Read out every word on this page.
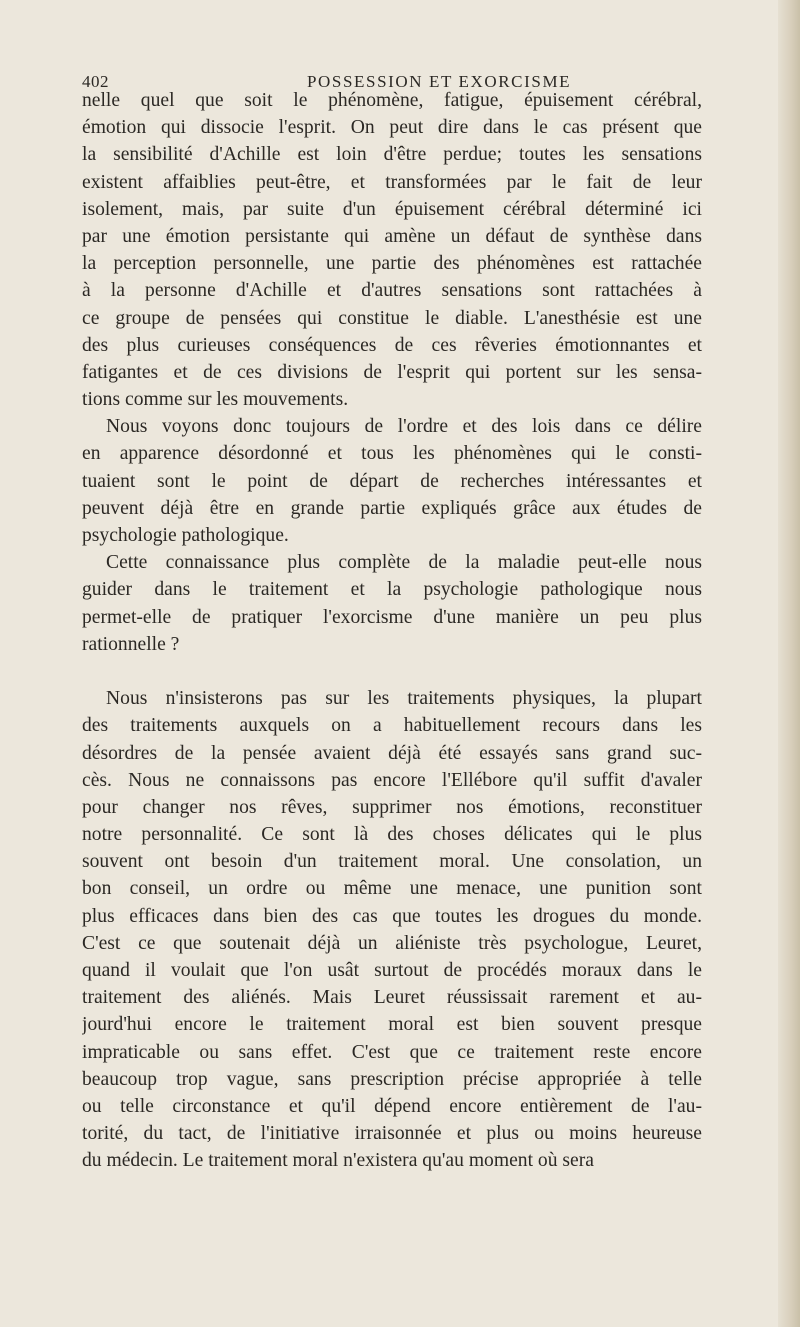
402	POSSESSION ET EXORCISME
nelle quel que soit le phénomène, fatigue, épuisement cérébral,
émotion qui dissocie l'esprit. On peut dire dans le cas présent que
la sensibilité d'Achille est loin d'être perdue; toutes les sensations
existent affaiblies peut-être, et transformées par le fait de leur
isolement, mais, par suite d'un épuisement cérébral déterminé ici
par une émotion persistante qui amène un défaut de synthèse dans
la perception personnelle, une partie des phénomènes est rattachée
à la personne d'Achille et d'autres sensations sont rattachées à
ce groupe de pensées qui constitue le diable. L'anesthésie est une
des plus curieuses conséquences de ces rêveries émotionnantes et
fatigantes et de ces divisions de l'esprit qui portent sur les sensa-
tions comme sur les mouvements.
Nous voyons donc toujours de l'ordre et des lois dans ce délire
en apparence désordonné et tous les phénomènes qui le consti-
tuaient sont le point de départ de recherches intéressantes et
peuvent déjà être en grande partie expliqués grâce aux études de
psychologie pathologique.
Cette connaissance plus complète de la maladie peut-elle nous
guider dans le traitement et la psychologie pathologique nous
permet-elle de pratiquer l'exorcisme d'une manière un peu plus
rationnelle ?
Nous n'insisterons pas sur les traitements physiques, la plupart
des traitements auxquels on a habituellement recours dans les
désordres de la pensée avaient déjà été essayés sans grand suc-
cès. Nous ne connaissons pas encore l'Ellébore qu'il suffit d'avaler
pour changer nos rêves, supprimer nos émotions, reconstituer
notre personnalité. Ce sont là des choses délicates qui le plus
souvent ont besoin d'un traitement moral. Une consolation, un
bon conseil, un ordre ou même une menace, une punition sont
plus efficaces dans bien des cas que toutes les drogues du monde.
C'est ce que soutenait déjà un aliéniste très psychologue, Leuret,
quand il voulait que l'on usât surtout de procédés moraux dans le
traitement des aliénés. Mais Leuret réussissait rarement et au-
jourd'hui encore le traitement moral est bien souvent presque
impraticable ou sans effet. C'est que ce traitement reste encore
beaucoup trop vague, sans prescription précise appropriée à telle
ou telle circonstance et qu'il dépend encore entièrement de l'au-
torité, du tact, de l'initiative irraisonnée et plus ou moins heureuse
du médecin. Le traitement moral n'existera qu'au moment où sera
